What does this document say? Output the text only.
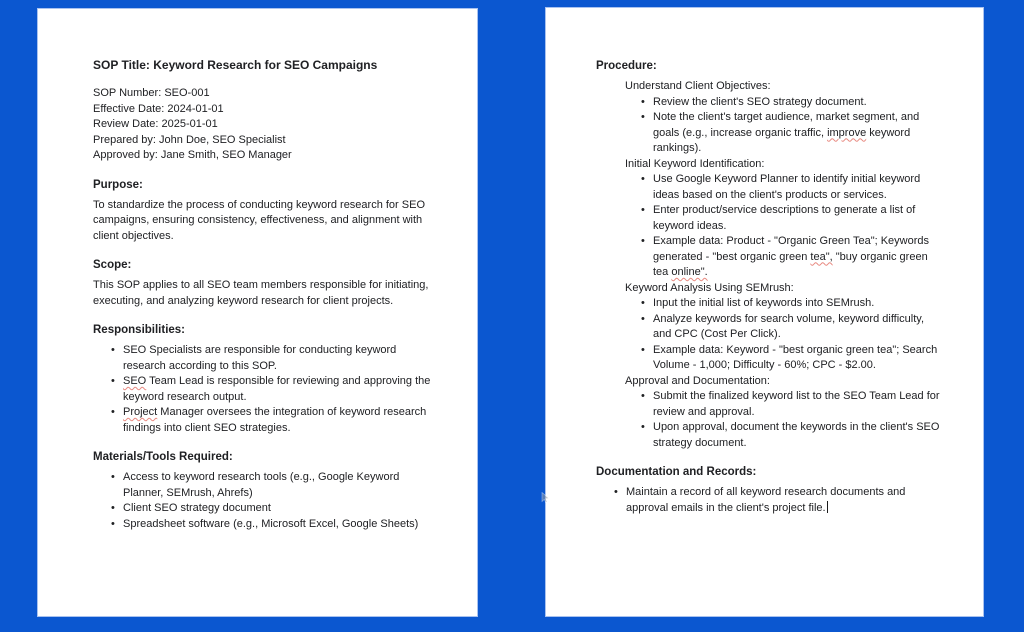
SOP Title: Keyword Research for SEO Campaigns
SOP Number: SEO-001
Effective Date: 2024-01-01
Review Date: 2025-01-01
Prepared by: John Doe, SEO Specialist
Approved by: Jane Smith, SEO Manager
Purpose:
To standardize the process of conducting keyword research for SEO campaigns, ensuring consistency, effectiveness, and alignment with client objectives.
Scope:
This SOP applies to all SEO team members responsible for initiating, executing, and analyzing keyword research for client projects.
Responsibilities:
• SEO Specialists are responsible for conducting keyword research according to this SOP.
• SEO Team Lead is responsible for reviewing and approving the keyword research output.
• Project Manager oversees the integration of keyword research findings into client SEO strategies.
Materials/Tools Required:
• Access to keyword research tools (e.g., Google Keyword Planner, SEMrush, Ahrefs)
• Client SEO strategy document
• Spreadsheet software (e.g., Microsoft Excel, Google Sheets)
Procedure:
Understand Client Objectives:
• Review the client's SEO strategy document.
• Note the client's target audience, market segment, and goals (e.g., increase organic traffic, improve keyword rankings).
Initial Keyword Identification:
• Use Google Keyword Planner to identify initial keyword ideas based on the client's products or services.
• Enter product/service descriptions to generate a list of keyword ideas.
• Example data: Product - "Organic Green Tea"; Keywords generated - "best organic green tea", "buy organic green tea online".
Keyword Analysis Using SEMrush:
• Input the initial list of keywords into SEMrush.
• Analyze keywords for search volume, keyword difficulty, and CPC (Cost Per Click).
• Example data: Keyword - "best organic green tea"; Search Volume - 1,000; Difficulty - 60%; CPC - $2.00.
Approval and Documentation:
• Submit the finalized keyword list to the SEO Team Lead for review and approval.
• Upon approval, document the keywords in the client's SEO strategy document.
Documentation and Records:
• Maintain a record of all keyword research documents and approval emails in the client's project file.
